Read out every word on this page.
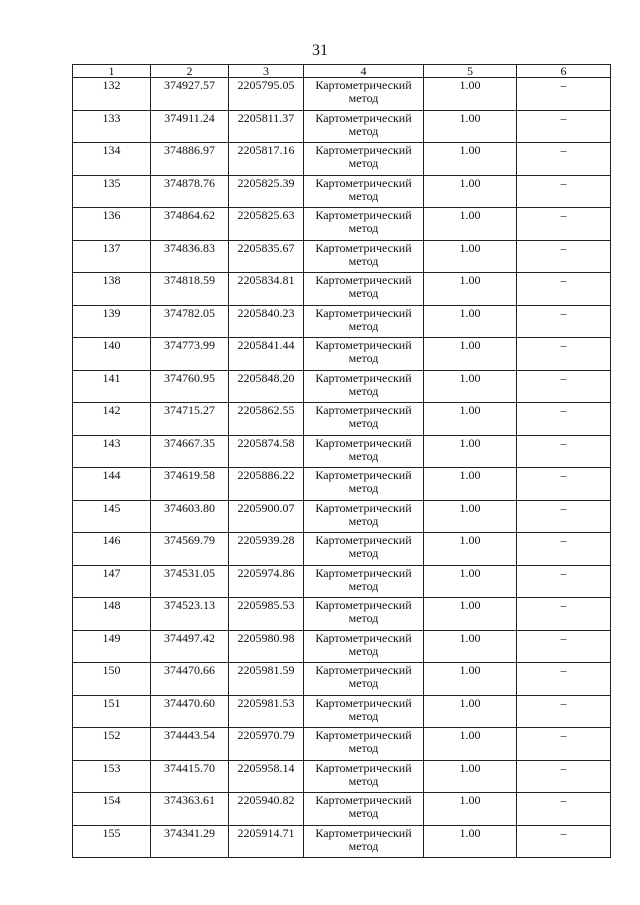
31
1	2	3	4	5	6
132	374927.57	2205795.05	Картометрический метод	1.00	–
133	374911.24	2205811.37	Картометрический метод	1.00	–
134	374886.97	2205817.16	Картометрический метод	1.00	–
135	374878.76	2205825.39	Картометрический метод	1.00	–
136	374864.62	2205825.63	Картометрический метод	1.00	–
137	374836.83	2205835.67	Картометрический метод	1.00	–
138	374818.59	2205834.81	Картометрический метод	1.00	–
139	374782.05	2205840.23	Картометрический метод	1.00	–
140	374773.99	2205841.44	Картометрический метод	1.00	–
141	374760.95	2205848.20	Картометрический метод	1.00	–
142	374715.27	2205862.55	Картометрический метод	1.00	–
143	374667.35	2205874.58	Картометрический метод	1.00	–
144	374619.58	2205886.22	Картометрический метод	1.00	–
145	374603.80	2205900.07	Картометрический метод	1.00	–
146	374569.79	2205939.28	Картометрический метод	1.00	–
147	374531.05	2205974.86	Картометрический метод	1.00	–
148	374523.13	2205985.53	Картометрический метод	1.00	–
149	374497.42	2205980.98	Картометрический метод	1.00	–
150	374470.66	2205981.59	Картометрический метод	1.00	–
151	374470.60	2205981.53	Картометрический метод	1.00	–
152	374443.54	2205970.79	Картометрический метод	1.00	–
153	374415.70	2205958.14	Картометрический метод	1.00	–
154	374363.61	2205940.82	Картометрический метод	1.00	–
155	374341.29	2205914.71	Картометрический метод	1.00	–
